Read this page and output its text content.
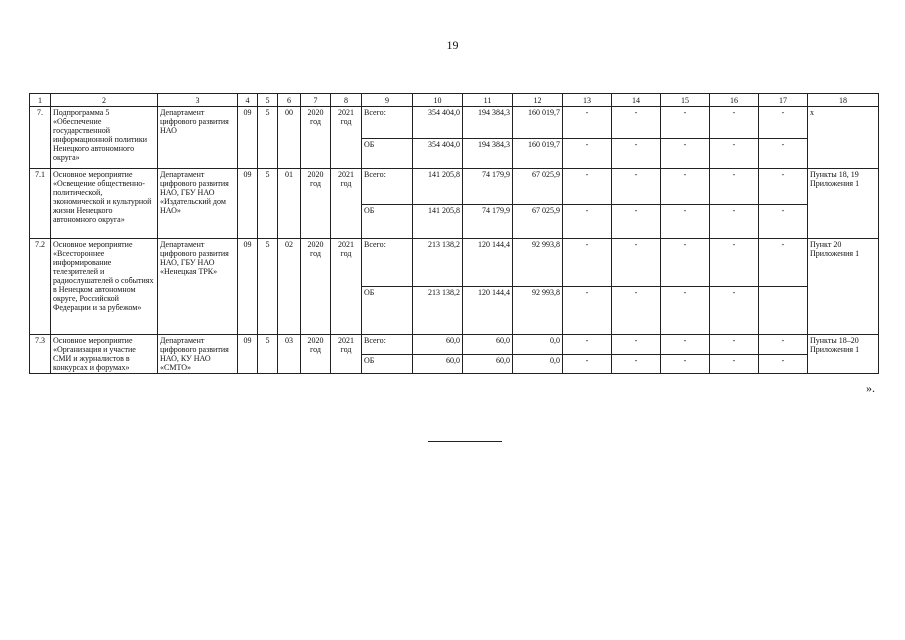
19
1	2	3	4	5	6	7	8	9	10	11	12	13	14	15	16	17	18
7.	Подпрограмма 5 «Обеспечение государственной информационной политики Ненецкого автономного округа»	Департамент цифрового развития НАО	09	5	00	2020 год	2021 год	Всего:	354 404,0	194 384,3	160 019,7	-	-	-	-	-	х
								ОБ	354 404,0	194 384,3	160 019,7	-	-	-	-	-	
7.1	Основное мероприятие «Освещение общественно-политической, экономической и культурной жизни Ненецкого автономного округа»	Департамент цифрового развития НАО, ГБУ НАО «Издательский дом НАО»	09	5	01	2020 год	2021 год	Всего:	141 205,8	74 179,9	67 025,9	-	-	-	-	-	Пункты 18, 19 Приложения 1
								ОБ	141 205,8	74 179,9	67 025,9	-	-	-	-	-	
7.2	Основное мероприятие «Всестороннее информирование телезрителей и радиослушателей о событиях в Ненецком автономном округе, Российской Федерации и за рубежом»	Департамент цифрового развития НАО, ГБУ НАО «Ненецкая ТРК»	09	5	02	2020 год	2021 год	Всего:	213 138,2	120 144,4	92 993,8	-	-	-	-	-	Пункт 20 Приложения 1
								ОБ	213 138,2	120 144,4	92 993,8	-	-	-	-		
7.3	Основное мероприятие «Организация и участие СМИ и журналистов в конкурсах и форумах»	Департамент цифрового развития НАО, КУ НАО «СМТО»	09	5	03	2020 год	2021 год	Всего:	60,0	60,0	0,0	-	-	-	-	-	Пункты 18–20 Приложения 1
								ОБ	60,0	60,0	0,0	-	-	-	-	-	
».
